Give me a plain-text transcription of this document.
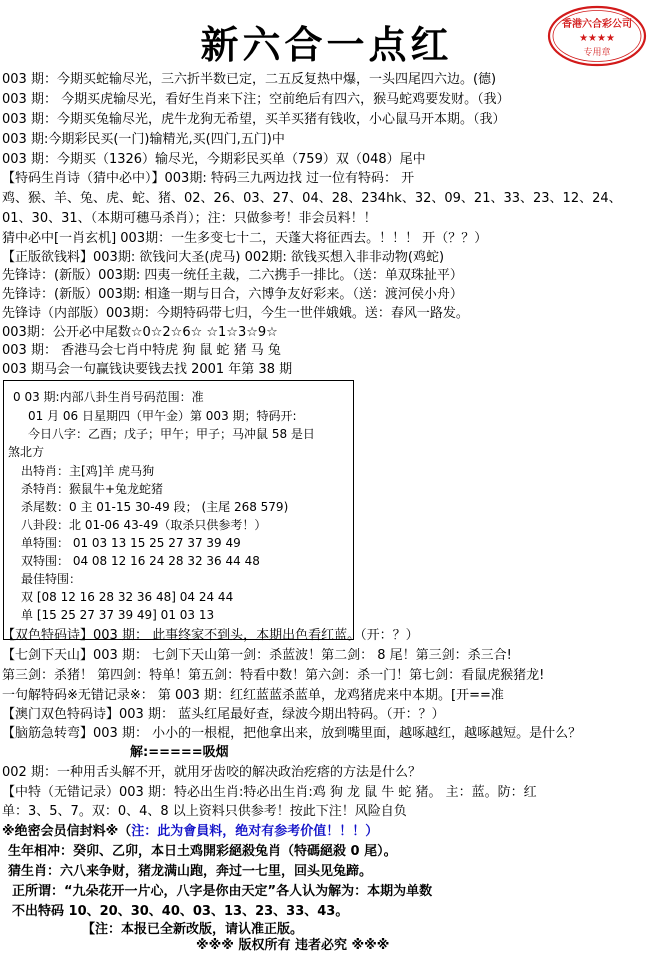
新六合一点红	香港六合彩公司
★★★★
专用章
003 期：今期买蛇输尽光，三六折半数已定，二五反复热中爆，一头四尾四六边。(德)
003 期： 今期买虎输尽光，看好生肖来下注；空前绝后有四六，猴马蛇鸡要发财。（我）
003 期：今期买兔输尽光，虎牛龙狗无希望，买羊买猪有钱收，小心鼠马开本期。（我）
003 期:今期彩民买(一门)输精光,买(四门,五门)中
003 期：今期买（1326）输尽光，今期彩民买单（759）双（048）尾中
【特码生肖诗（猜中必中）】003期: 特码三九两边找 过一位有特码： 开
鸡、猴、羊、兔、虎、蛇、猪、02、26、03、27、04、28、234hk、32、09、21、33、23、12、24、
01、30、31、（本期可穗马杀肖）；注：只做参考！非会员料！！
猜中必中[一肖玄机] 003期：一生多变七十二，天蓬大将征西去。！！！ 开（？？）
【正版欲钱料】003期: 欲钱问大圣(虎马) 002期: 欲钱买想入非非动物(鸡蛇)
先锋诗：(新版）003期: 四夷一统任主裁，二六携手一排比。（送：单双珠扯平）
先锋诗：(新版）003期: 相逢一期与日合，六博争友好彩来。（送：渡河侯小舟）
先锋诗（内部版）003期：今期特码带七归，今生一世伴娥娥。送：春风一路发。
003期：公开必中尾数☆0☆2☆6☆ ☆1☆3☆9☆
003 期： 香港马会七肖中特虎 狗 鼠 蛇 猪 马 兔
003 期马会一句赢钱诀要钱去找 2001 年第 38 期
0 03 期:内部八卦生肖号码范围：准
01 月 06 日星期四（甲午金）第 003 期；特码开:
今日八字：乙酉；戊子；甲午；甲子；马冲鼠 58 是日
煞北方
出特肖：主[鸡]羊 虎马狗
杀特肖：猴鼠牛+兔龙蛇猪
杀尾数：0 主 01-15 30-49 段； (主尾 268 579)
八卦段：北 01-06 43-49（取杀只供参考！）
单特围： 01 03 13 15 25 27 37 39 49
双特围： 04 08 12 16 24 28 32 36 44 48
最佳特围：
双 [08 12 16 28 32 36 48] 04 24 44
单 [15 25 27 37 39 49] 01 03 13
【双色特码诗】003 期： 此事终家不到头，本期出色看红蓝。（开：？）
【七剑下天山】003 期： 七剑下天山第一剑：杀蓝波！第二剑： 8 尾！第三剑：杀三合!
第三剑：杀猪！ 第四剑：特单！第五剑：特看中数！第六剑：杀一门！第七剑：看鼠虎猴猪龙!
一句解特码※无错记录※： 第 003 期：红红蓝蓝杀蓝单，龙鸡猪虎来中本期。[开==准
【澳门双色特码诗】003 期： 蓝头红尾最好查，绿波今期出特码。（开：？）
【脑筋急转弯】003 期： 小小的一根棍，把他拿出来，放到嘴里面，越啄越红，越啄越短。是什么？
解:=====吸烟
002 期：一种用舌头解不开，就用牙齿咬的解决政治疙瘩的方法是什么？
【中特（无错记录）003 期：特必出生肖:特必出生肖:鸡 狗 龙 鼠 牛 蛇 猪。 主：蓝。防：红
单：3、5、7。双：0、4、8 以上资料只供参考！按此下注！风险自负
※绝密会员信封料※（注：此为會員料，绝对有参考价值！！！）
生年相冲：癸卯、乙卯，本日土鸡開彩絕殺兔肖（特碼絕殺 0 尾）。
猜生肖：六八来争财，猪龙满山跑，奔过一七里，回头见兔蹄。
正所谓：“九朵花开一片心，八字是你由天定”各人认为解为：本期为单数
不出特码 10、20、30、40、03、13、23、33、43。
【注：本报已全新改版，请认准正版。
※※※ 版权所有 违者必究 ※※※
